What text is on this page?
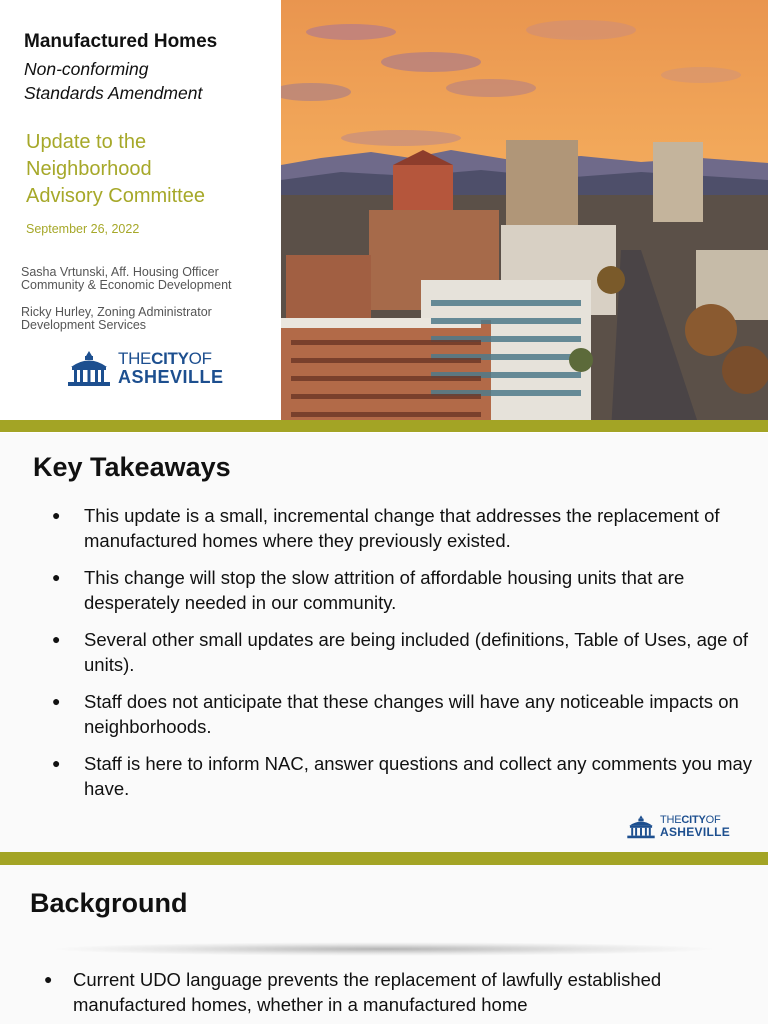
Manufactured Homes
Non-conforming
Standards Amendment
Update to the
Neighborhood
Advisory Committee
September 26, 2022
Sasha Vrtunski, Aff. Housing Officer
Community & Economic Development
Ricky Hurley, Zoning Administrator
Development Services
THECITYOF
ASHEVILLE
Key Takeaways
● This update is a small, incremental change that addresses the replacement of manufactured homes where they previously existed.
● This change will stop the slow attrition of affordable housing units that are desperately needed in our community.
● Several other small updates are being included (definitions, Table of Uses, age of units).
● Staff does not anticipate that these changes will have any noticeable impacts on neighborhoods.
● Staff is here to inform NAC, answer questions and collect any comments you may have.
THECITYOF
ASHEVILLE
Background
● Current UDO language prevents the replacement of lawfully established manufactured homes, whether in a manufactured home
